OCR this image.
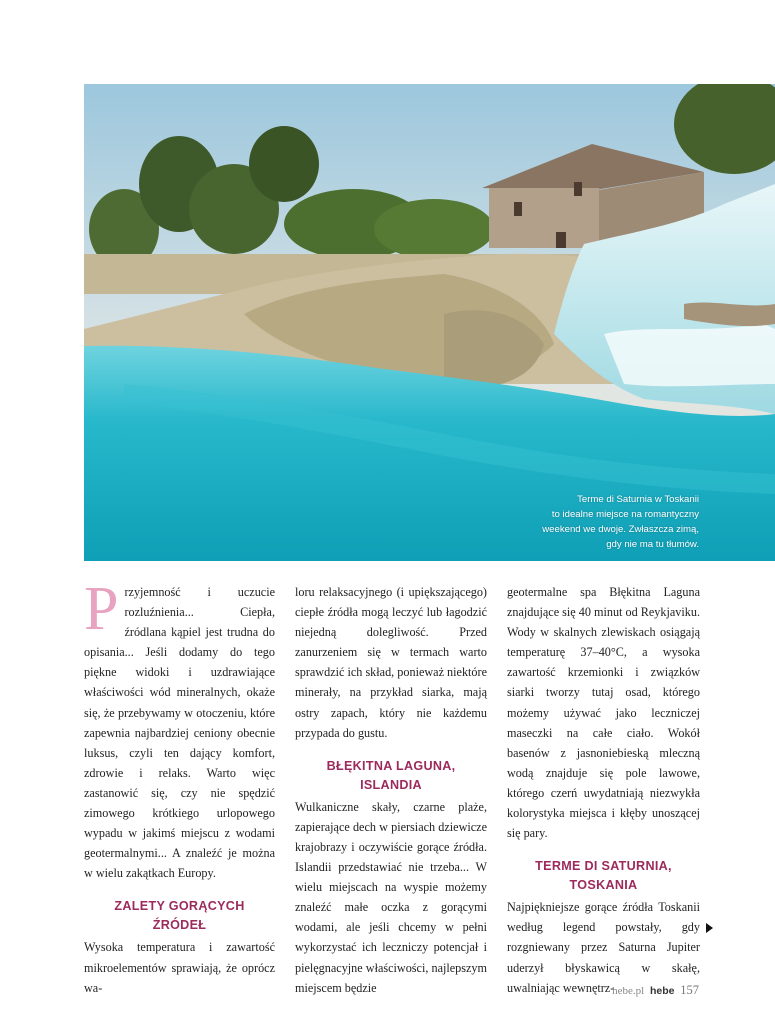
Terme di Saturnia w Toskanii
to idealne miejsce na romantyczny
weekend we dwoje. Zwłaszcza zimą,
gdy nie ma tu tłumów.

Przyjemność i uczucie rozluźnienia... Ciepła, źródlana kąpiel jest trudna do opisania... Jeśli dodamy do tego piękne widoki i uzdrawiające właściwości wód mineralnych, okaże się, że przebywamy w otoczeniu, które zapewnia najbardziej ceniony obecnie luksus, czyli ten dający komfort, zdrowie i relaks. Warto więc zastanowić się, czy nie spędzić zimowego krótkiego urlopowego wypadu w jakimś miejscu z wodami geotermalnymi... A znaleźć je można w wielu zakątkach Europy.

ZALETY GORĄCYCH
ŹRÓDEŁ

Wysoka temperatura i zawartość mikroelementów sprawiają, że oprócz wa-

loru relaksacyjnego (i upiększającego) ciepłe źródła mogą leczyć lub łagodzić niejedną dolegliwość. Przed zanurzeniem się w termach warto sprawdzić ich skład, ponieważ niektóre minerały, na przykład siarka, mają ostry zapach, który nie każdemu przypada do gustu.

BŁĘKITNA LAGUNA,
ISLANDIA

Wulkaniczne skały, czarne plaże, zapierające dech w piersiach dziewicze krajobrazy i oczywiście gorące źródła. Islandii przedstawiać nie trzeba... W wielu miejscach na wyspie możemy znaleźć małe oczka z gorącymi wodami, ale jeśli chcemy w pełni wykorzystać ich leczniczy potencjał i pielęgnacyjne właściwości, najlepszym miejscem będzie

geotermalne spa Błękitna Laguna znajdujące się 40 minut od Reykjaviku. Wody w skalnych zlewiskach osiągają temperaturę 37–40°C, a wysoka zawartość krzemionki i związków siarki tworzy tutaj osad, którego możemy używać jako leczniczej maseczki na całe ciało. Wokół basenów z jasnoniebieską mleczną wodą znajduje się pole lawowe, którego czerń uwydatniają niezwykła kolorystyka miejsca i kłęby unoszącej się pary.

TERME DI SATURNIA,
TOSKANIA

Najpiękniejsze gorące źródła Toskanii według legend powstały, gdy rozgniewany przez Saturna Jupiter uderzył błyskawicą w skałę, uwalniając wewnętrz-

hebe.pl hebe 157
